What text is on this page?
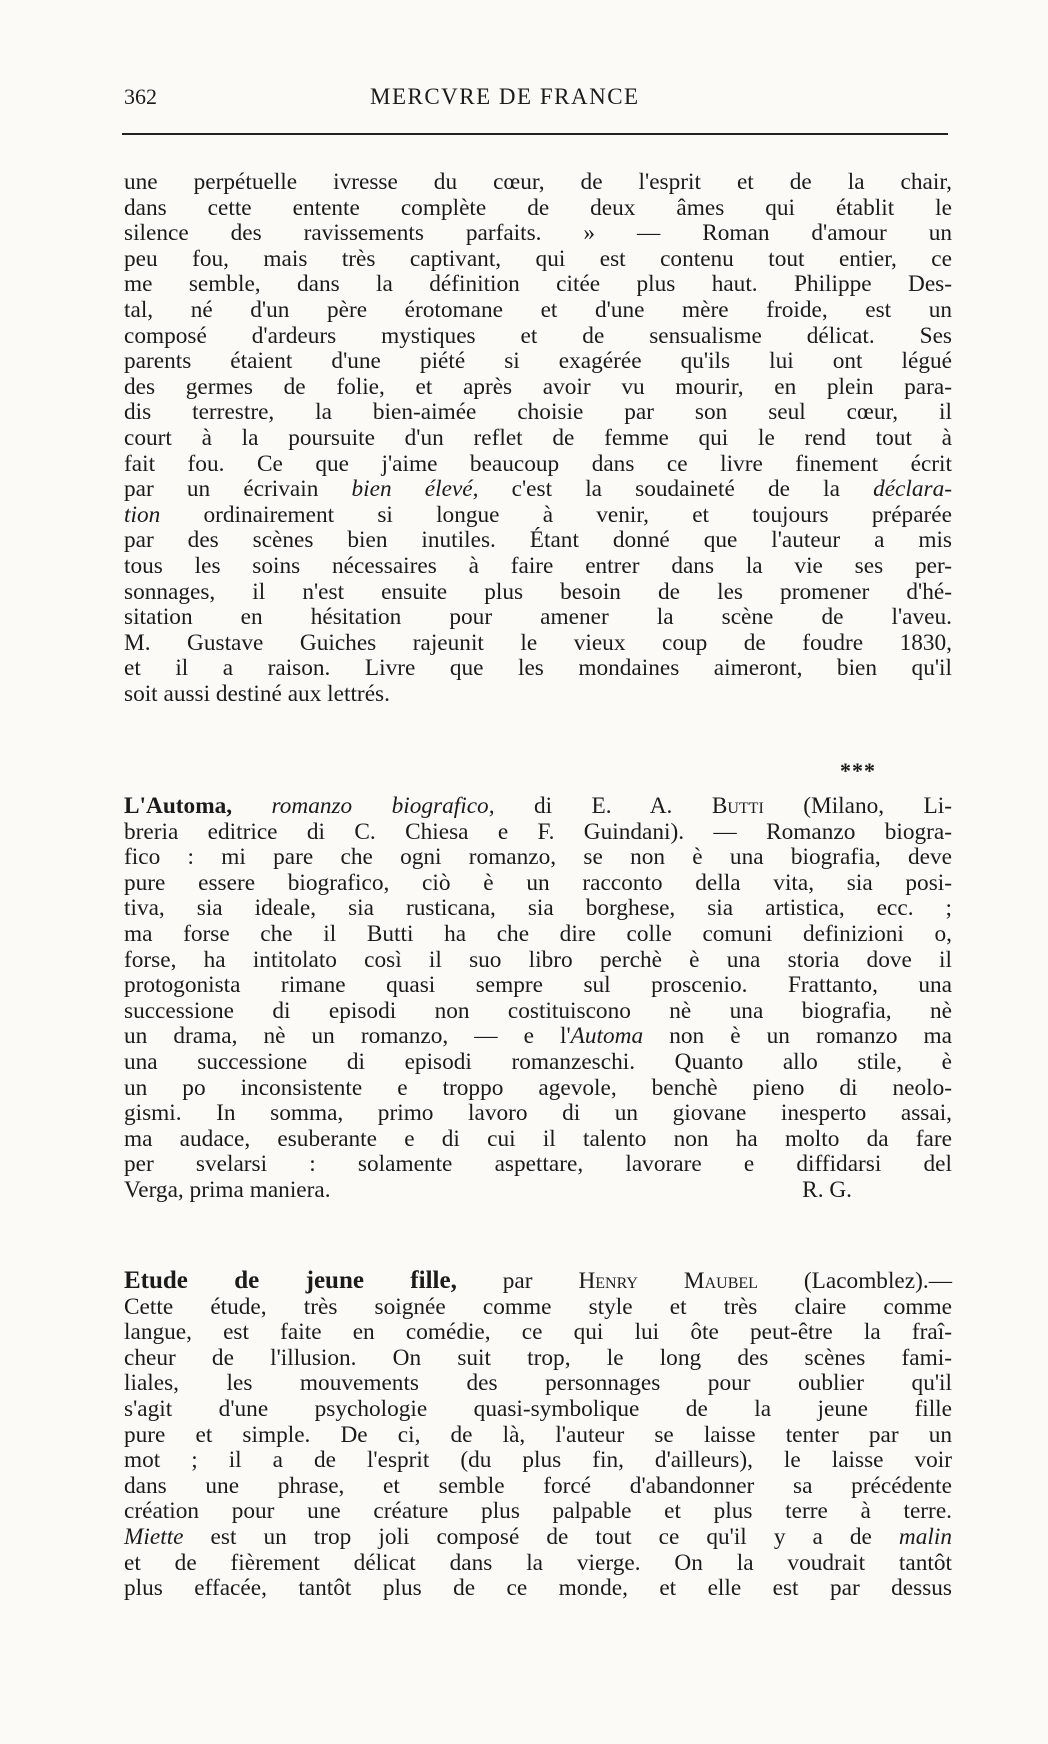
362	MERCVRE DE FRANCE
une perpétuelle ivresse du cœur, de l'esprit et de la chair,
dans cette entente complète de deux âmes qui établit le
silence des ravissements parfaits. » — Roman d'amour un
peu fou, mais très captivant, qui est contenu tout entier, ce
me semble, dans la définition citée plus haut. Philippe Des-
tal, né d'un père érotomane et d'une mère froide, est un
composé d'ardeurs mystiques et de sensualisme délicat. Ses
parents étaient d'une piété si exagérée qu'ils lui ont légué
des germes de folie, et après avoir vu mourir, en plein para-
dis terrestre, la bien-aimée choisie par son seul cœur, il
court à la poursuite d'un reflet de femme qui le rend tout à
fait fou. Ce que j'aime beaucoup dans ce livre finement écrit
par un écrivain bien élevé, c'est la soudaineté de la déclara-
tion ordinairement si longue à venir, et toujours préparée
par des scènes bien inutiles. Étant donné que l'auteur a mis
tous les soins nécessaires à faire entrer dans la vie ses per-
sonnages, il n'est ensuite plus besoin de les promener d'hé-
sitation en hésitation pour amener la scène de l'aveu.
M. Gustave Guiches rajeunit le vieux coup de foudre 1830,
et il a raison. Livre que les mondaines aimeront, bien qu'il
soit aussi destiné aux lettrés.
***
L'Automa, romanzo biografico, di E. A. Butti (Milano, Li-
breria editrice di C. Chiesa e F. Guindani). — Romanzo biogra-
fico : mi pare che ogni romanzo, se non è una biografia, deve
pure essere biografico, ciò è un racconto della vita, sia posi-
tiva, sia ideale, sia rusticana, sia borghese, sia artistica, ecc. ;
ma forse che il Butti ha che dire colle comuni definizioni o,
forse, ha intitolato così il suo libro perchè è una storia dove il
protogonista rimane quasi sempre sul proscenio. Frattanto, una
successione di episodi non costituiscono nè una biografia, nè
un drama, nè un romanzo, — e l'Automa non è un romanzo ma
una successione di episodi romanzeschi. Quanto allo stile, è
un po inconsistente e troppo agevole, benchè pieno di neolo-
gismi. In somma, primo lavoro di un giovane inesperto assai,
ma audace, esuberante e di cui il talento non ha molto da fare
per svelarsi : solamente aspettare, lavorare e diffidarsi del
Verga, prima maniera.	R. G.
Etude de jeune fille, par Henry Maubel (Lacomblez).—
Cette étude, très soignée comme style et très claire comme
langue, est faite en comédie, ce qui lui ôte peut-être la fraî-
cheur de l'illusion. On suit trop, le long des scènes fami-
liales, les mouvements des personnages pour oublier qu'il
s'agit d'une psychologie quasi-symbolique de la jeune fille
pure et simple. De ci, de là, l'auteur se laisse tenter par un
mot ; il a de l'esprit (du plus fin, d'ailleurs), le laisse voir
dans une phrase, et semble forcé d'abandonner sa précédente
création pour une créature plus palpable et plus terre à terre.
Miette est un trop joli composé de tout ce qu'il y a de malin
et de fièrement délicat dans la vierge. On la voudrait tantôt
plus effacée, tantôt plus de ce monde, et elle est par dessus
